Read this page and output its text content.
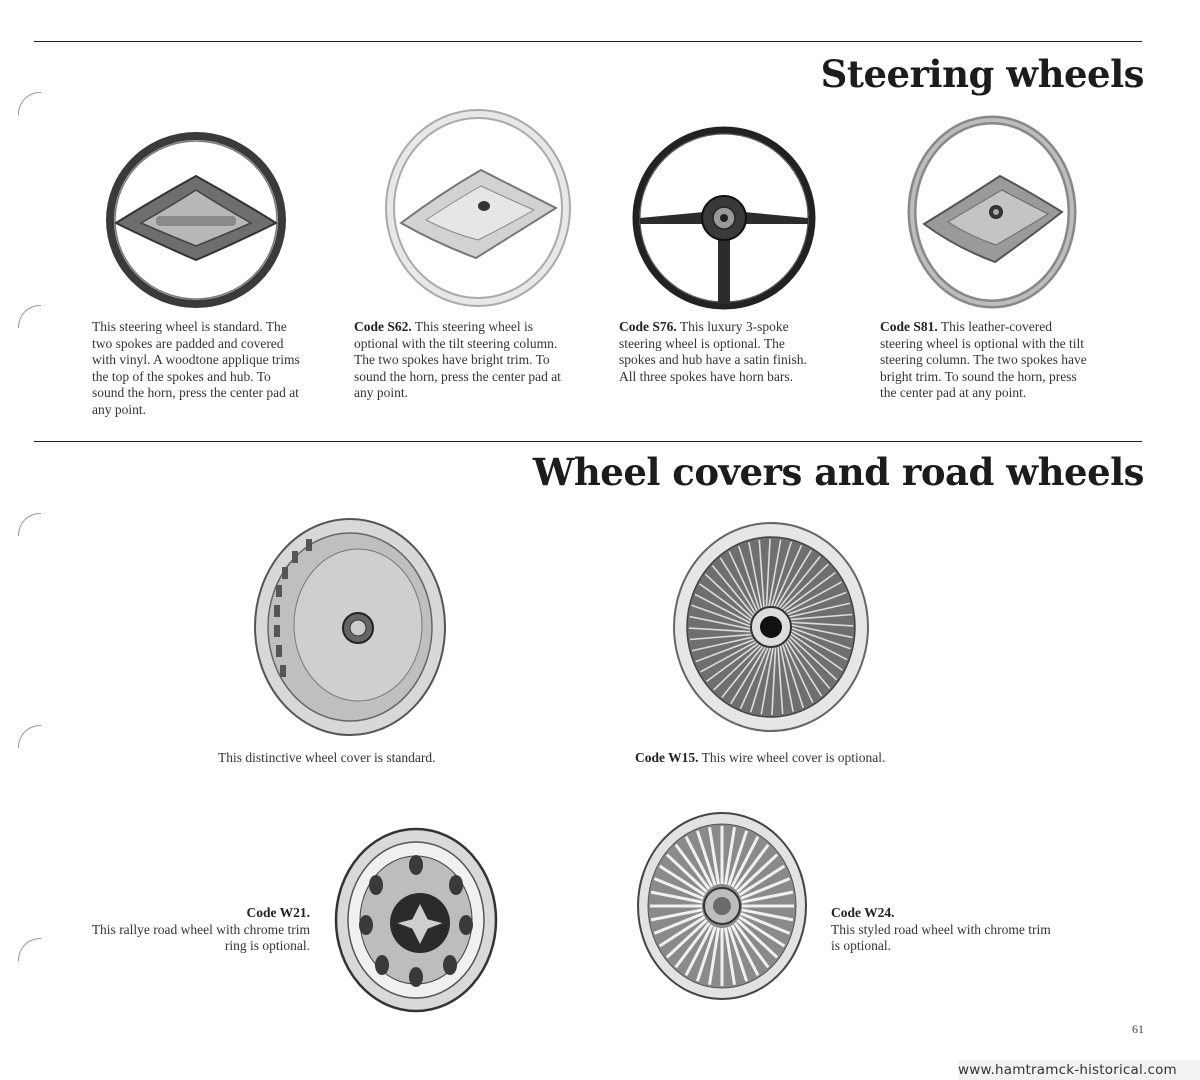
Steering wheels
This steering wheel is standard. The two spokes are padded and covered with vinyl. A woodtone applique trims the top of the spokes and hub. To sound the horn, press the center pad at any point.
Code S62. This steering wheel is optional with the tilt steering column. The two spokes have bright trim. To sound the horn, press the center pad at any point.
Code S76. This luxury 3-spoke steering wheel is optional. The spokes and hub have a satin finish. All three spokes have horn bars.
Code S81. This leather-covered steering wheel is optional with the tilt steering column. The two spokes have bright trim. To sound the horn, press the center pad at any point.
Wheel covers and road wheels
This distinctive wheel cover is standard.	Code W15. This wire wheel cover is optional.
Code W21.
This rallye road wheel with chrome trim ring is optional.
Code W24.
This styled road wheel with chrome trim is optional.
61
www.hamtramck-historical.com
